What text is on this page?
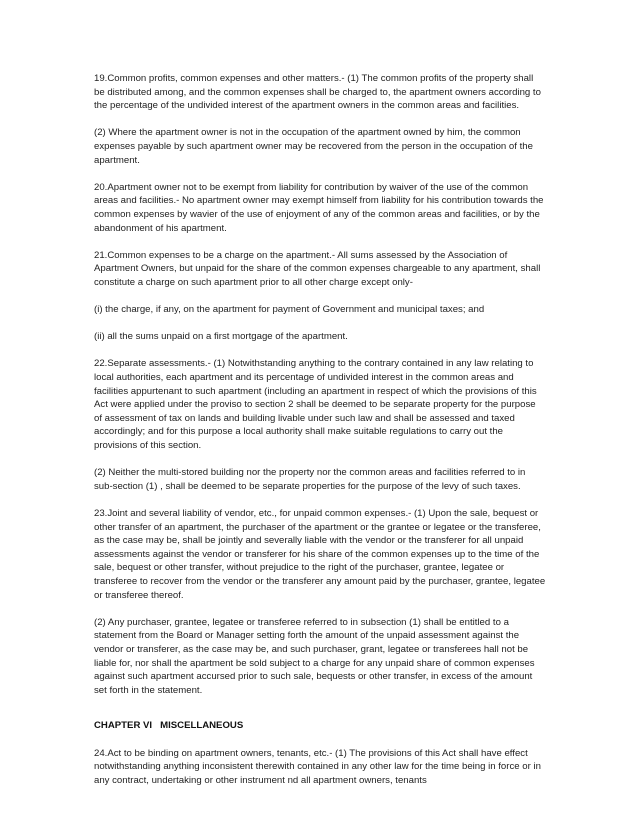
19.Common profits, common expenses and other matters.- (1) The common profits of the property shall be distributed among, and the common expenses shall be charged to, the apartment owners according to the percentage of the undivided interest of the apartment owners in the common areas and facilities.

(2) Where the apartment owner is not in the occupation of the apartment owned by him, the common expenses payable by such apartment owner may be recovered from the person in the occupation of the apartment.

20.Apartment owner not to be exempt from liability for contribution by waiver of the use of the common areas and facilities.- No apartment owner may exempt himself from liability for his contribution towards the common expenses by wavier of the use of enjoyment of any of the common areas and facilities, or by the abandonment of his apartment.

21.Common expenses to be a charge on the apartment.- All sums assessed by the Association of Apartment Owners, but unpaid for the share of the common expenses chargeable to any apartment, shall constitute a charge on such apartment prior to all other charge except only-

(i) the charge, if any, on the apartment for payment of Government and municipal taxes; and

(ii) all the sums unpaid on a first mortgage of the apartment.

22.Separate assessments.- (1) Notwithstanding anything to the contrary contained in any law relating to local authorities, each apartment and its percentage of undivided interest in the common areas and facilities appurtenant to such apartment (including an apartment in respect of which the provisions of this Act were applied under the proviso to section 2 shall be deemed to be separate property for the purpose of assessment of tax on lands and building livable under such law and shall be assessed and taxed accordingly; and for this purpose a local authority shall make suitable regulations to carry out the provisions of this section.

(2) Neither the multi-stored building nor the property nor the common areas and facilities referred to in sub-section (1) , shall be deemed to be separate properties for the purpose of the levy of such taxes.

23.Joint and several liability of vendor, etc., for unpaid common expenses.- (1) Upon the sale, bequest or other transfer of an apartment, the purchaser of the apartment or the grantee or legatee or the transferee, as the case may be, shall be jointly and severally liable with the vendor or the transferer for all unpaid assessments against the vendor or transferer for his share of the common expenses up to the time of the sale, bequest or other transfer, without prejudice to the right of the purchaser, grantee, legatee or transferee to recover from the vendor or the transferer any amount paid by the purchaser, grantee, legatee or transferee thereof.

(2) Any purchaser, grantee, legatee or transferee referred to in subsection (1) shall be entitled to a statement from the Board or Manager setting forth the amount of the unpaid assessment against the vendor or transferer, as the case may be, and such purchaser, grant, legatee or transferees hall not be liable for, nor shall the apartment be sold subject to a charge for any unpaid share of common expenses against such apartment accursed prior to such sale, bequests or other transfer, in excess of the amount set forth in the statement.

CHAPTER VI   MISCELLANEOUS

24.Act to be binding on apartment owners, tenants, etc.- (1) The provisions of this Act shall have effect notwithstanding anything inconsistent therewith contained in any other law for the time being in force or in any contract, undertaking or other instrument nd all apartment owners, tenants
